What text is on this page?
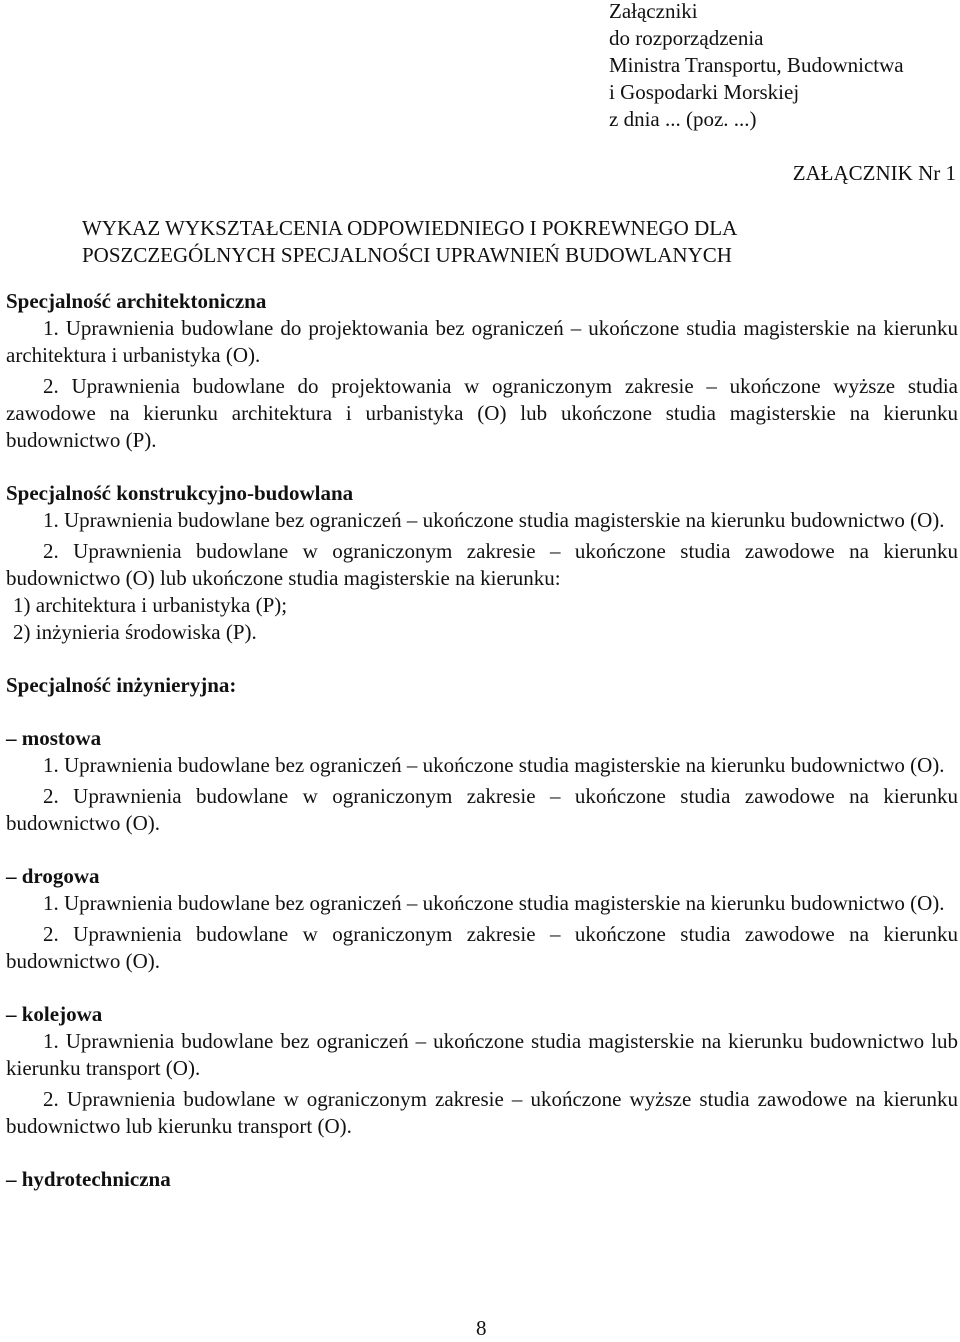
Załączniki
do rozporządzenia
Ministra Transportu, Budownictwa
i Gospodarki Morskiej
z dnia ... (poz. ...)
ZAŁĄCZNIK Nr 1
WYKAZ WYKSZTAŁCENIA ODPOWIEDNIEGO I POKREWNEGO DLA
POSZCZEGÓLNYCH SPECJALNOŚCI UPRAWNIEŃ BUDOWLANYCH
Specjalność architektoniczna
1. Uprawnienia budowlane do projektowania bez ograniczeń – ukończone studia magisterskie na kierunku architektura i urbanistyka (O).
2. Uprawnienia budowlane do projektowania w ograniczonym zakresie – ukończone wyższe studia zawodowe na kierunku architektura i urbanistyka (O) lub ukończone studia magisterskie na kierunku budownictwo (P).
Specjalność konstrukcyjno-budowlana
1. Uprawnienia budowlane bez ograniczeń – ukończone studia magisterskie na kierunku budownictwo (O).
2. Uprawnienia budowlane w ograniczonym zakresie – ukończone studia zawodowe na kierunku budownictwo (O) lub ukończone studia magisterskie na kierunku:
1) architektura i urbanistyka (P);
2) inżynieria środowiska (P).
Specjalność inżynieryjna:
– mostowa
1. Uprawnienia budowlane bez ograniczeń – ukończone studia magisterskie na kierunku budownictwo (O).
2. Uprawnienia budowlane w ograniczonym zakresie – ukończone studia zawodowe na kierunku budownictwo (O).
– drogowa
1. Uprawnienia budowlane bez ograniczeń – ukończone studia magisterskie na kierunku budownictwo (O).
2. Uprawnienia budowlane w ograniczonym zakresie – ukończone studia zawodowe na kierunku budownictwo (O).
– kolejowa
1. Uprawnienia budowlane bez ograniczeń – ukończone studia magisterskie na kierunku budownictwo lub kierunku transport (O).
2. Uprawnienia budowlane w ograniczonym zakresie – ukończone wyższe studia zawodowe na kierunku budownictwo lub kierunku transport (O).
– hydrotechniczna
8
